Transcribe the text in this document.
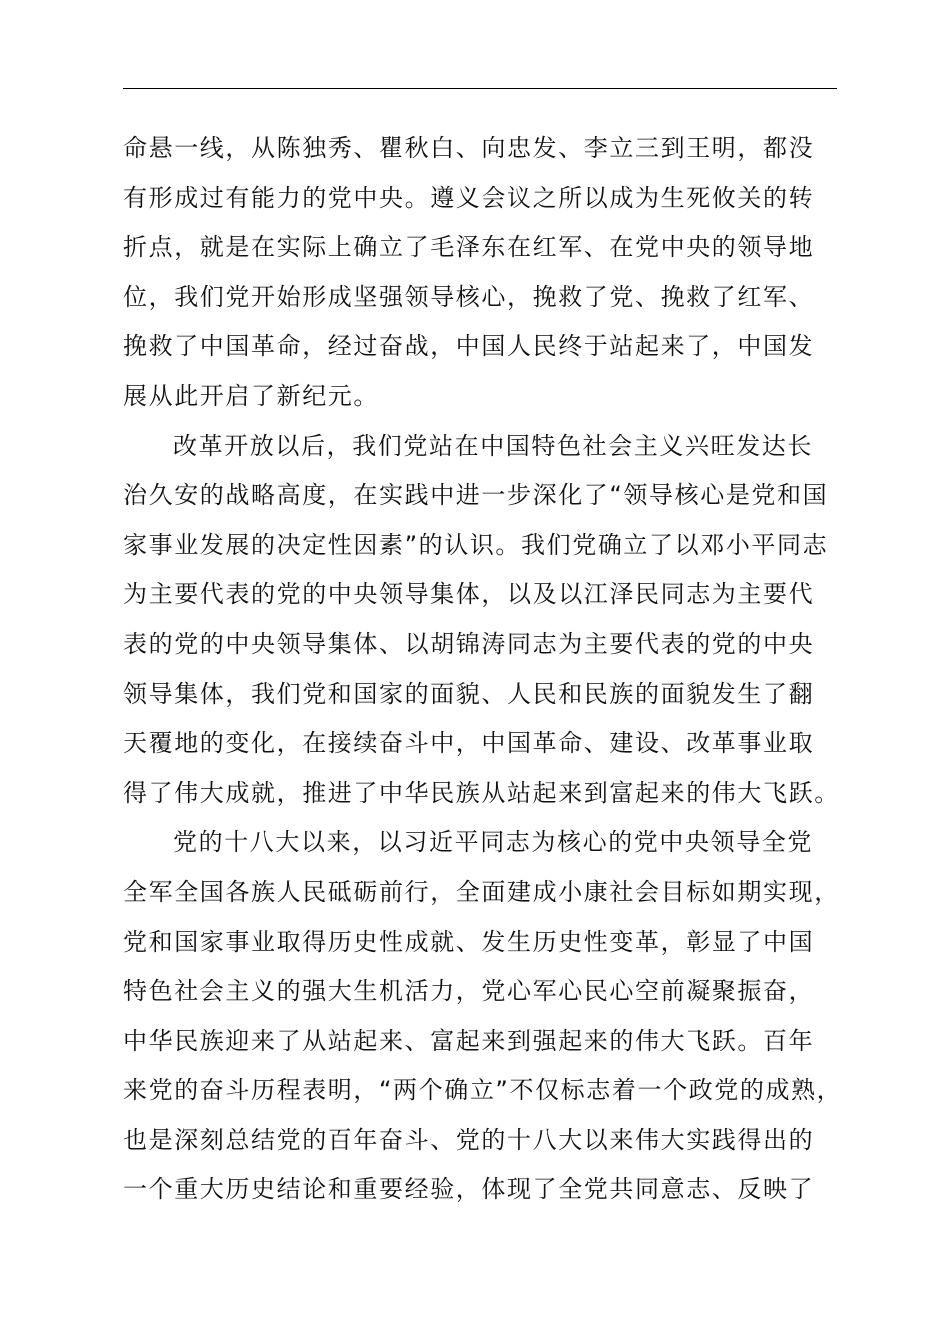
命悬一线，从陈独秀、瞿秋白、向忠发、李立三到王明，都没
有形成过有能力的党中央。遵义会议之所以成为生死攸关的转
折点，就是在实际上确立了毛泽东在红军、在党中央的领导地
位，我们党开始形成坚强领导核心，挽救了党、挽救了红军、
挽救了中国革命，经过奋战，中国人民终于站起来了，中国发
展从此开启了新纪元。
改革开放以后，我们党站在中国特色社会主义兴旺发达长
治久安的战略高度，在实践中进一步深化了“领导核心是党和国
家事业发展的决定性因素”的认识。我们党确立了以邓小平同志
为主要代表的党的中央领导集体，以及以江泽民同志为主要代
表的党的中央领导集体、以胡锦涛同志为主要代表的党的中央
领导集体，我们党和国家的面貌、人民和民族的面貌发生了翻
天覆地的变化，在接续奋斗中，中国革命、建设、改革事业取
得了伟大成就，推进了中华民族从站起来到富起来的伟大飞跃。
党的十八大以来，以习近平同志为核心的党中央领导全党
全军全国各族人民砥砺前行，全面建成小康社会目标如期实现，
党和国家事业取得历史性成就、发生历史性变革，彰显了中国
特色社会主义的强大生机活力，党心军心民心空前凝聚振奋，
中华民族迎来了从站起来、富起来到强起来的伟大飞跃。百年
来党的奋斗历程表明，“两个确立”不仅标志着一个政党的成熟，
也是深刻总结党的百年奋斗、党的十八大以来伟大实践得出的
一个重大历史结论和重要经验，体现了全党共同意志、反映了
